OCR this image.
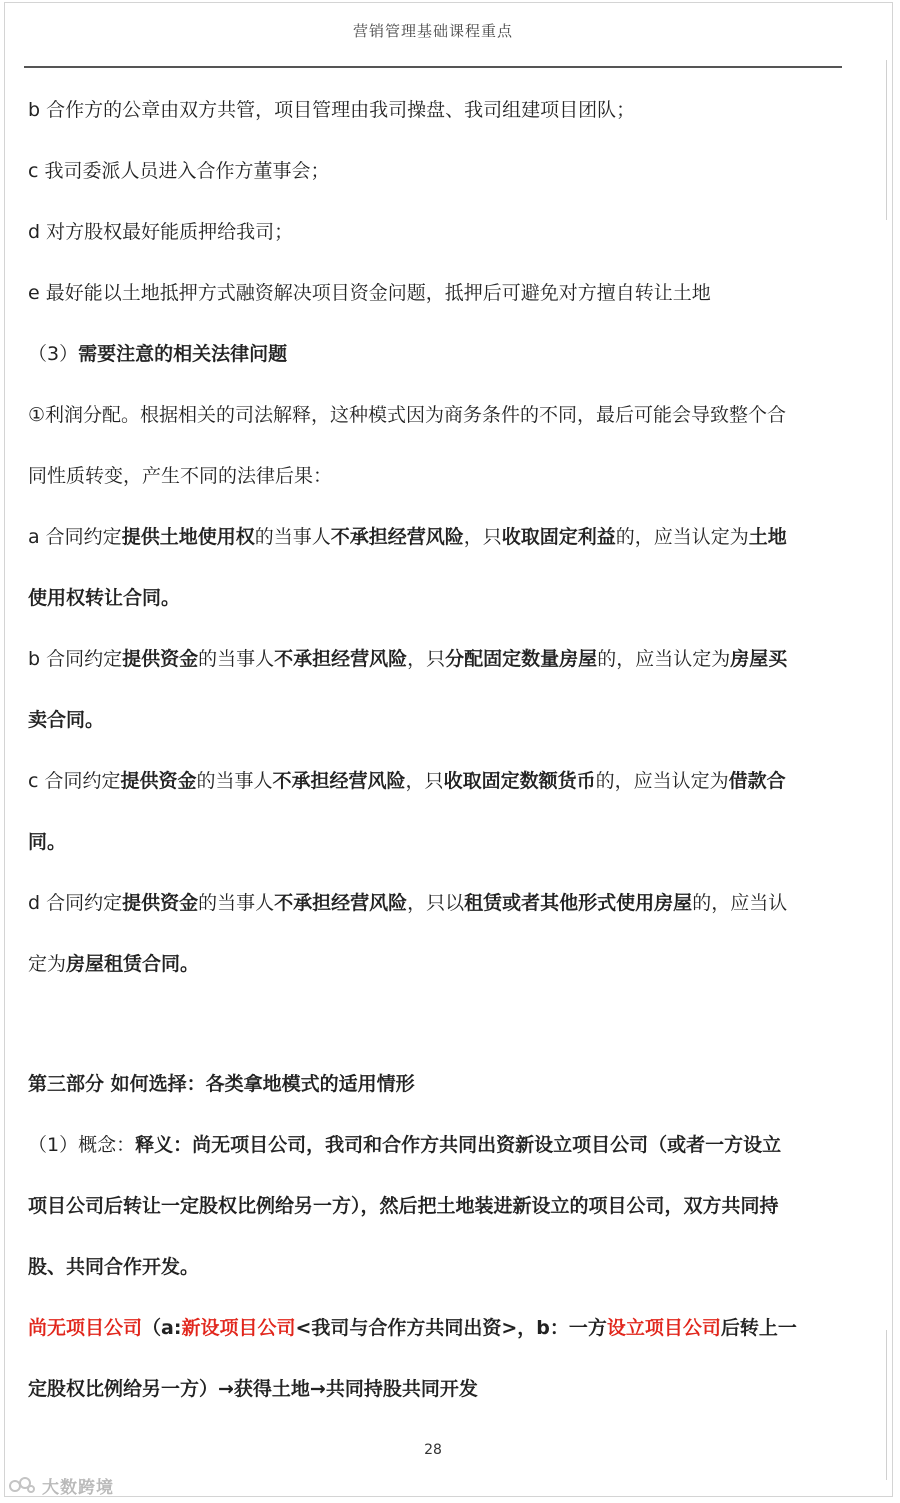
营销管理基础课程重点
b 合作方的公章由双方共管，项目管理由我司操盘、我司组建项目团队；
c 我司委派人员进入合作方董事会；
d 对方股权最好能质押给我司；
e 最好能以土地抵押方式融资解决项目资金问题，抵押后可避免对方擅自转让土地
（3）需要注意的相关法律问题
①利润分配。根据相关的司法解释，这种模式因为商务条件的不同，最后可能会导致整个合
同性质转变，产生不同的法律后果：
a 合同约定提供土地使用权的当事人不承担经营风险，只收取固定利益的，应当认定为土地
使用权转让合同。
b 合同约定提供资金的当事人不承担经营风险，只分配固定数量房屋的，应当认定为房屋买
卖合同。
c 合同约定提供资金的当事人不承担经营风险，只收取固定数额货币的，应当认定为借款合
同。
d 合同约定提供资金的当事人不承担经营风险，只以租赁或者其他形式使用房屋的，应当认
定为房屋租赁合同。
第三部分 如何选择：各类拿地模式的适用情形
（1）概念：释义：尚无项目公司，我司和合作方共同出资新设立项目公司（或者一方设立
项目公司后转让一定股权比例给另一方），然后把土地装进新设立的项目公司，双方共同持
股、共同合作开发。
尚无项目公司（a:新设项目公司<我司与合作方共同出资>，b：一方设立项目公司后转上一
定股权比例给另一方）→获得土地→共同持股共同开发
28
大数跨境
